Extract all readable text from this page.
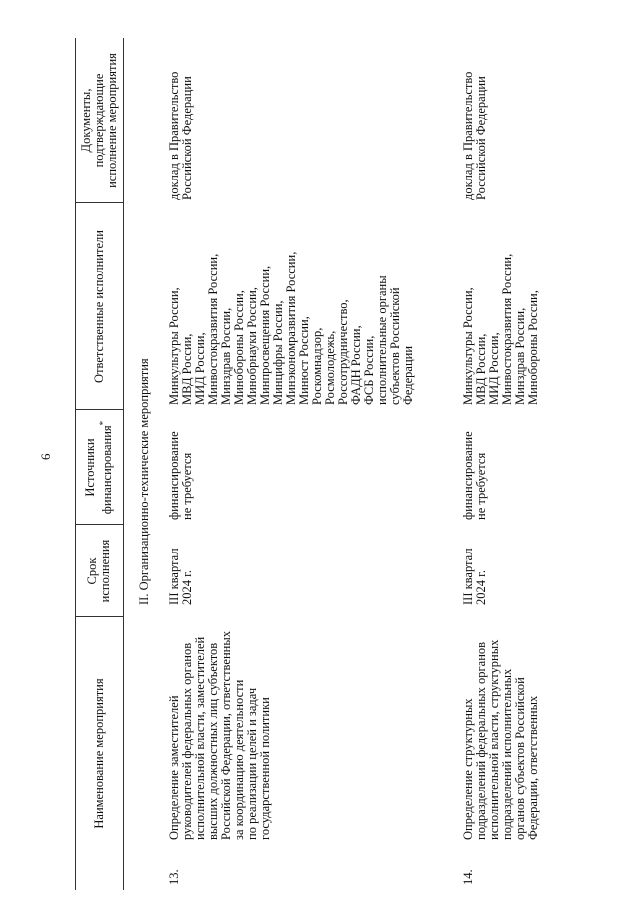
6
Наименование мероприятия
Срок
исполнения
Источники финансирования*
Ответственные исполнители
Документы,
подтверждающие
исполнение мероприятия
II. Организационно-технические мероприятия
13.
Определение заместителей
руководителей федеральных органов
исполнительной власти, заместителей
высших должностных лиц субъектов
Российской Федерации, ответственных
за координацию деятельности
по реализации целей и задач
государственной политики
III квартал
2024 г.
финансирование
не требуется
Минкультуры России,
МВД России,
МИД России,
Минвостокразвития России,
Минздрав России,
Минобороны России,
Минобрнауки России,
Минпросвещения России,
Минцифры России,
Минэкономразвития России,
Минюст России,
Роскомнадзор,
Росмолодежь,
Россотрудничество,
ФАДН России,
ФСБ России,
исполнительные органы
субъектов Российской
Федерации
доклад в Правительство
Российской Федерации
14.
Определение структурных
подразделений федеральных органов
исполнительной власти, структурных
подразделений исполнительных
органов субъектов Российской
Федерации, ответственных
III квартал
2024 г.
финансирование
не требуется
Минкультуры России,
МВД России,
МИД России,
Минвостокразвития России,
Минздрав России,
Минобороны России,
доклад в Правительство
Российской Федерации
